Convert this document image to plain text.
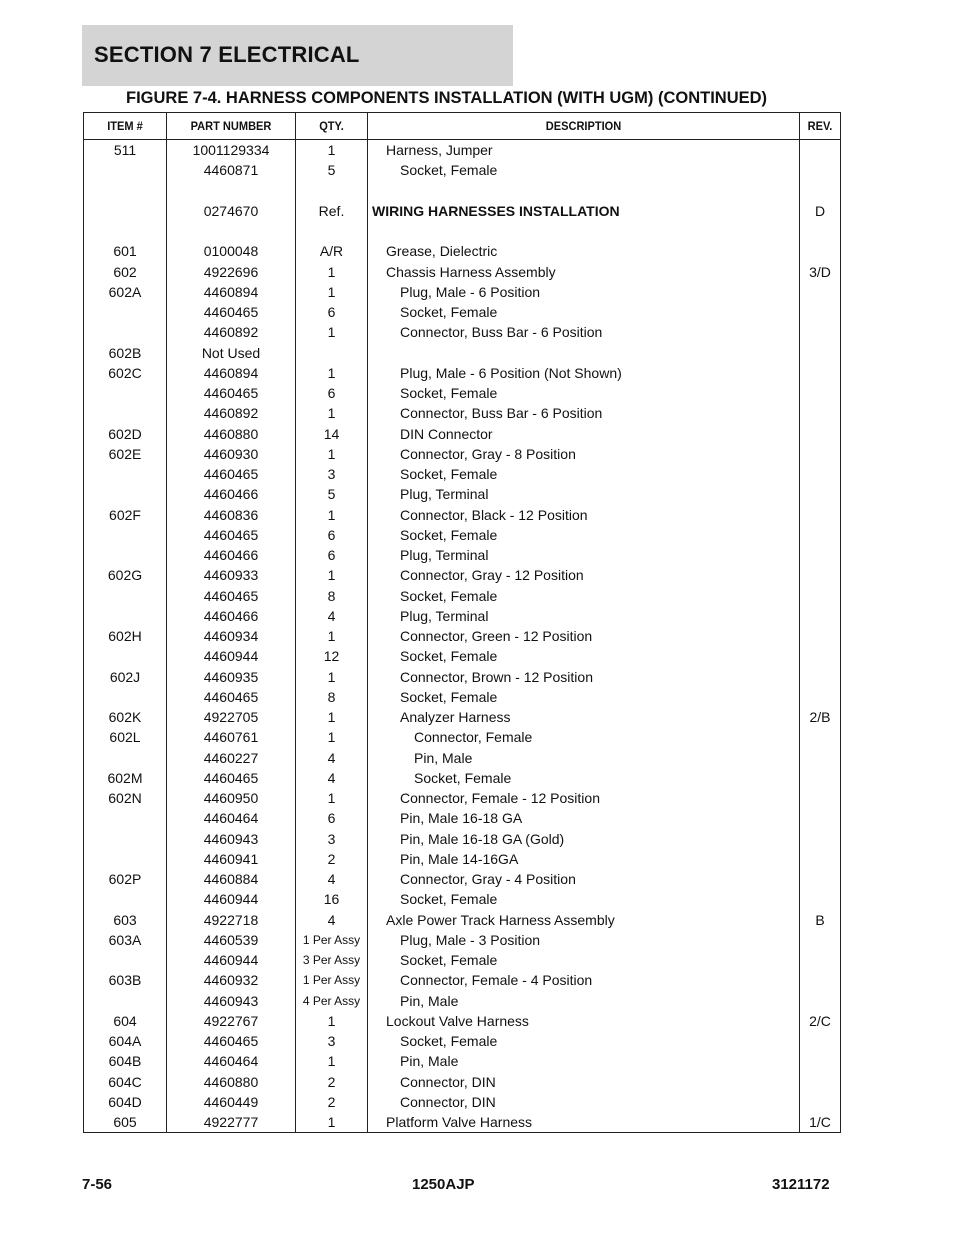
SECTION 7 ELECTRICAL
FIGURE 7-4. HARNESS COMPONENTS INSTALLATION (WITH UGM) (CONTINUED)
ITEM #	PART NUMBER	QTY.	DESCRIPTION	REV.
511	1001129334	1	Harness, Jumper
4460871	5	Socket, Female
0274670	Ref.	WIRING HARNESSES INSTALLATION	D
601	0100048	A/R	Grease, Dielectric
602	4922696	1	Chassis Harness Assembly	3/D
602A	4460894	1	Plug, Male - 6 Position
4460465	6	Socket, Female
4460892	1	Connector, Buss Bar - 6 Position
602B	Not Used
602C	4460894	1	Plug, Male - 6 Position (Not Shown)
4460465	6	Socket, Female
4460892	1	Connector, Buss Bar - 6 Position
602D	4460880	14	DIN Connector
602E	4460930	1	Connector, Gray - 8 Position
4460465	3	Socket, Female
4460466	5	Plug, Terminal
602F	4460836	1	Connector, Black - 12 Position
4460465	6	Socket, Female
4460466	6	Plug, Terminal
602G	4460933	1	Connector, Gray - 12 Position
4460465	8	Socket, Female
4460466	4	Plug, Terminal
602H	4460934	1	Connector, Green - 12 Position
4460944	12	Socket, Female
602J	4460935	1	Connector, Brown - 12 Position
4460465	8	Socket, Female
602K	4922705	1	Analyzer Harness	2/B
602L	4460761	1	Connector, Female
4460227	4	Pin, Male
602M	4460465	4	Socket, Female
602N	4460950	1	Connector, Female - 12 Position
4460464	6	Pin, Male 16-18 GA
4460943	3	Pin, Male 16-18 GA (Gold)
4460941	2	Pin, Male 14-16GA
602P	4460884	4	Connector, Gray - 4 Position
4460944	16	Socket, Female
603	4922718	4	Axle Power Track Harness Assembly	B
603A	4460539	1 Per Assy	Plug, Male - 3 Position
4460944	3 Per Assy	Socket, Female
603B	4460932	1 Per Assy	Connector, Female - 4 Position
4460943	4 Per Assy	Pin, Male
604	4922767	1	Lockout Valve Harness	2/C
604A	4460465	3	Socket, Female
604B	4460464	1	Pin, Male
604C	4460880	2	Connector, DIN
604D	4460449	2	Connector, DIN
605	4922777	1	Platform Valve Harness	1/C
7-56	1250AJP	3121172
